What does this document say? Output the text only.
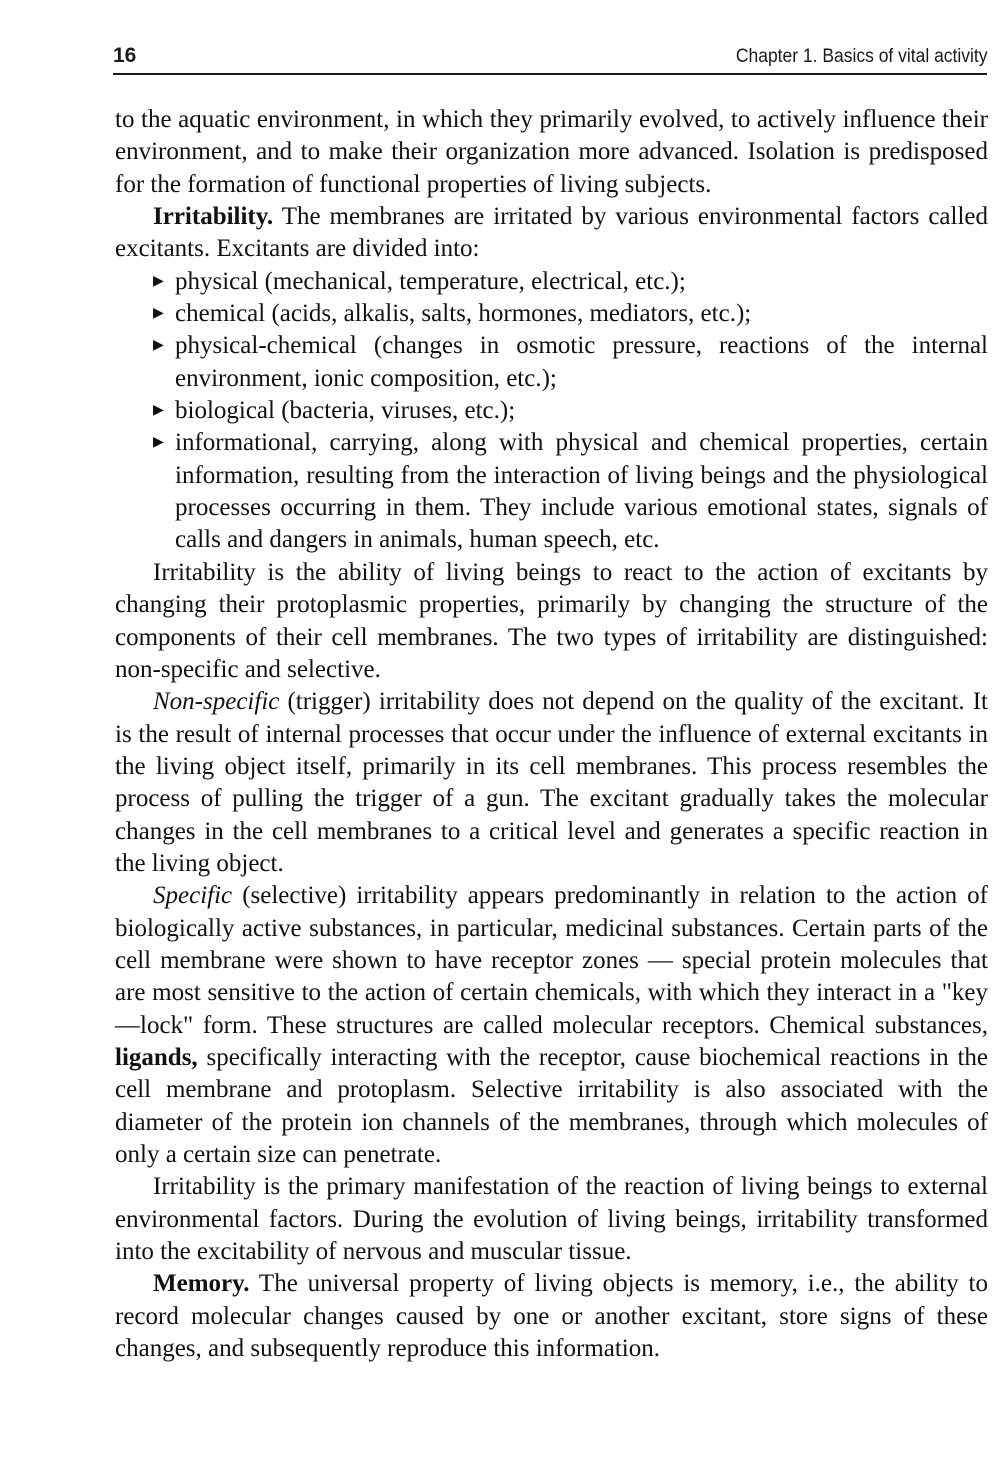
16	Chapter 1. Basics of vital activity

to the aquatic environment, in which they primarily evolved, to actively influence their environment, and to make their organization more advanced. Isolation is predisposed for the formation of functional properties of living subjects.

Irritability. The membranes are irritated by various environmental factors called excitants. Excitants are divided into:

▶ physical (mechanical, temperature, electrical, etc.);
▶ chemical (acids, alkalis, salts, hormones, mediators, etc.);
▶ physical-chemical (changes in osmotic pressure, reactions of the internal environment, ionic composition, etc.);
▶ biological (bacteria, viruses, etc.);
▶ informational, carrying, along with physical and chemical properties, certain information, resulting from the interaction of living beings and the physiological processes occurring in them. They include various emotional states, signals of calls and dangers in animals, human speech, etc.

Irritability is the ability of living beings to react to the action of excitants by changing their protoplasmic properties, primarily by changing the structure of the components of their cell membranes. The two types of irritability are distinguished: non-specific and selective.

Non-specific (trigger) irritability does not depend on the quality of the excitant. It is the result of internal processes that occur under the influence of external excitants in the living object itself, primarily in its cell membranes. This process resembles the process of pulling the trigger of a gun. The excitant gradually takes the molecular changes in the cell membranes to a critical level and generates a specific reaction in the living object.

Specific (selective) irritability appears predominantly in relation to the action of biologically active substances, in particular, medicinal substances. Certain parts of the cell membrane were shown to have receptor zones — special protein molecules that are most sensitive to the action of certain chemicals, with which they interact in a "key—lock" form. These structures are called molecular receptors. Chemical substances, ligands, specifically interacting with the receptor, cause biochemical reactions in the cell membrane and protoplasm. Selective irritability is also associated with the diameter of the protein ion channels of the membranes, through which molecules of only a certain size can penetrate.

Irritability is the primary manifestation of the reaction of living beings to external environmental factors. During the evolution of living beings, irritability transformed into the excitability of nervous and muscular tissue.

Memory. The universal property of living objects is memory, i.e., the ability to record molecular changes caused by one or another excitant, store signs of these changes, and subsequently reproduce this information.
